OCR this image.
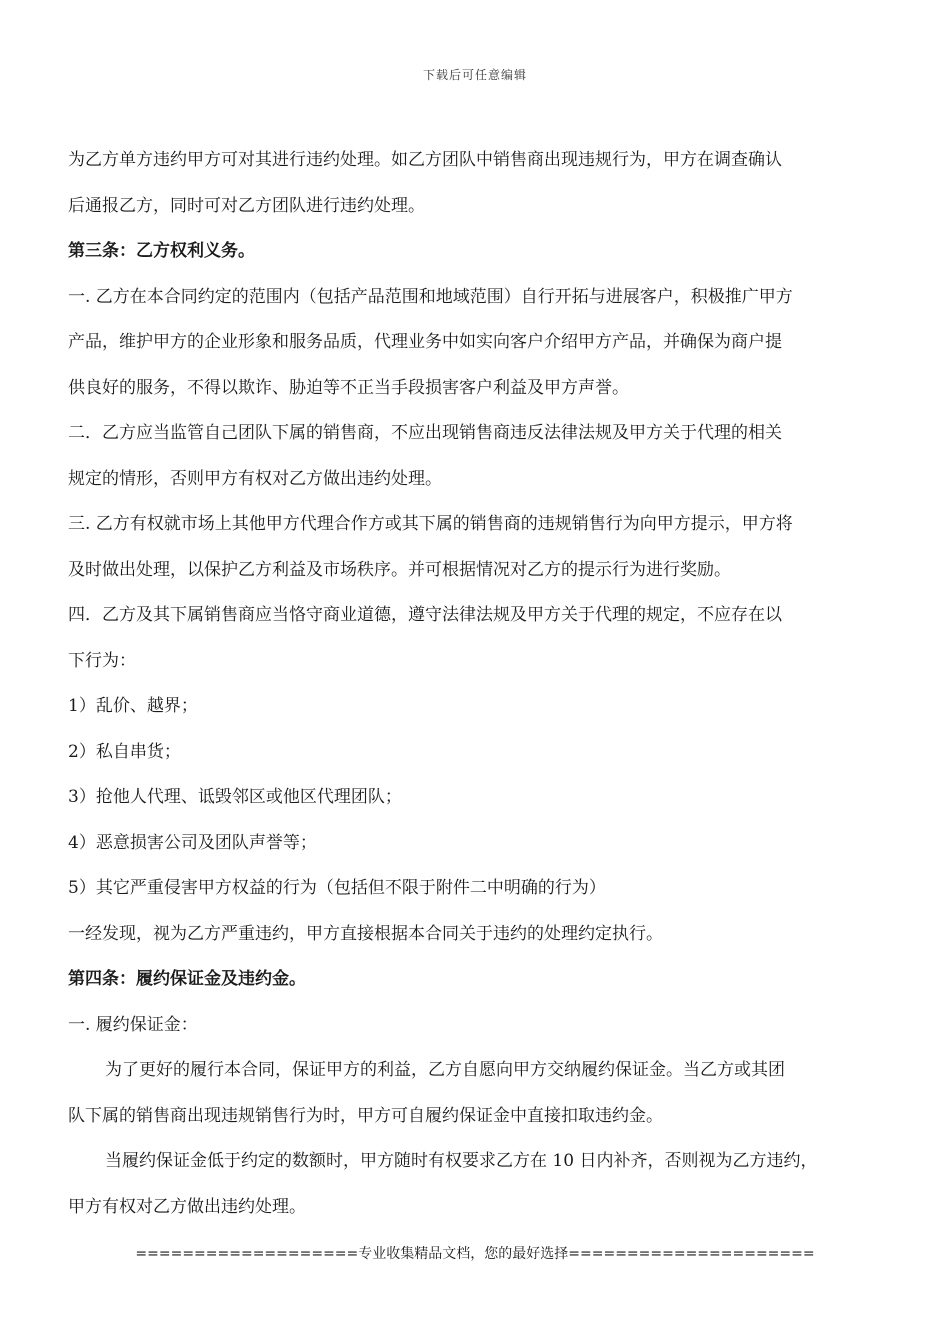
下载后可任意编辑

为乙方单方违约甲方可对其进行违约处理。如乙方团队中销售商出现违规行为，甲方在调查确认

后通报乙方，同时可对乙方团队进行违约处理。

第三条：乙方权利义务。

一. 乙方在本合同约定的范围内（包括产品范围和地域范围）自行开拓与进展客户，积极推广甲方

产品，维护甲方的企业形象和服务品质，代理业务中如实向客户介绍甲方产品，并确保为商户提

供良好的服务，不得以欺诈、胁迫等不正当手段损害客户利益及甲方声誉。

二．乙方应当监管自己团队下属的销售商，不应出现销售商违反法律法规及甲方关于代理的相关

规定的情形，否则甲方有权对乙方做出违约处理。

三. 乙方有权就市场上其他甲方代理合作方或其下属的销售商的违规销售行为向甲方提示，甲方将

及时做出处理，以保护乙方利益及市场秩序。并可根据情况对乙方的提示行为进行奖励。

四．乙方及其下属销售商应当恪守商业道德，遵守法律法规及甲方关于代理的规定，不应存在以

下行为：

1）乱价、越界；

2）私自串货；

3）抢他人代理、诋毁邻区或他区代理团队；

4）恶意损害公司及团队声誉等；

5）其它严重侵害甲方权益的行为（包括但不限于附件二中明确的行为）

一经发现，视为乙方严重违约，甲方直接根据本合同关于违约的处理约定执行。

第四条：履约保证金及违约金。

一. 履约保证金：

为了更好的履行本合同，保证甲方的利益，乙方自愿向甲方交纳履约保证金。当乙方或其团

队下属的销售商出现违规销售行为时，甲方可自履约保证金中直接扣取违约金。

当履约保证金低于约定的数额时，甲方随时有权要求乙方在 10 日内补齐，否则视为乙方违约，

甲方有权对乙方做出违约处理。

===================专业收集精品文档，您的最好选择=====================
